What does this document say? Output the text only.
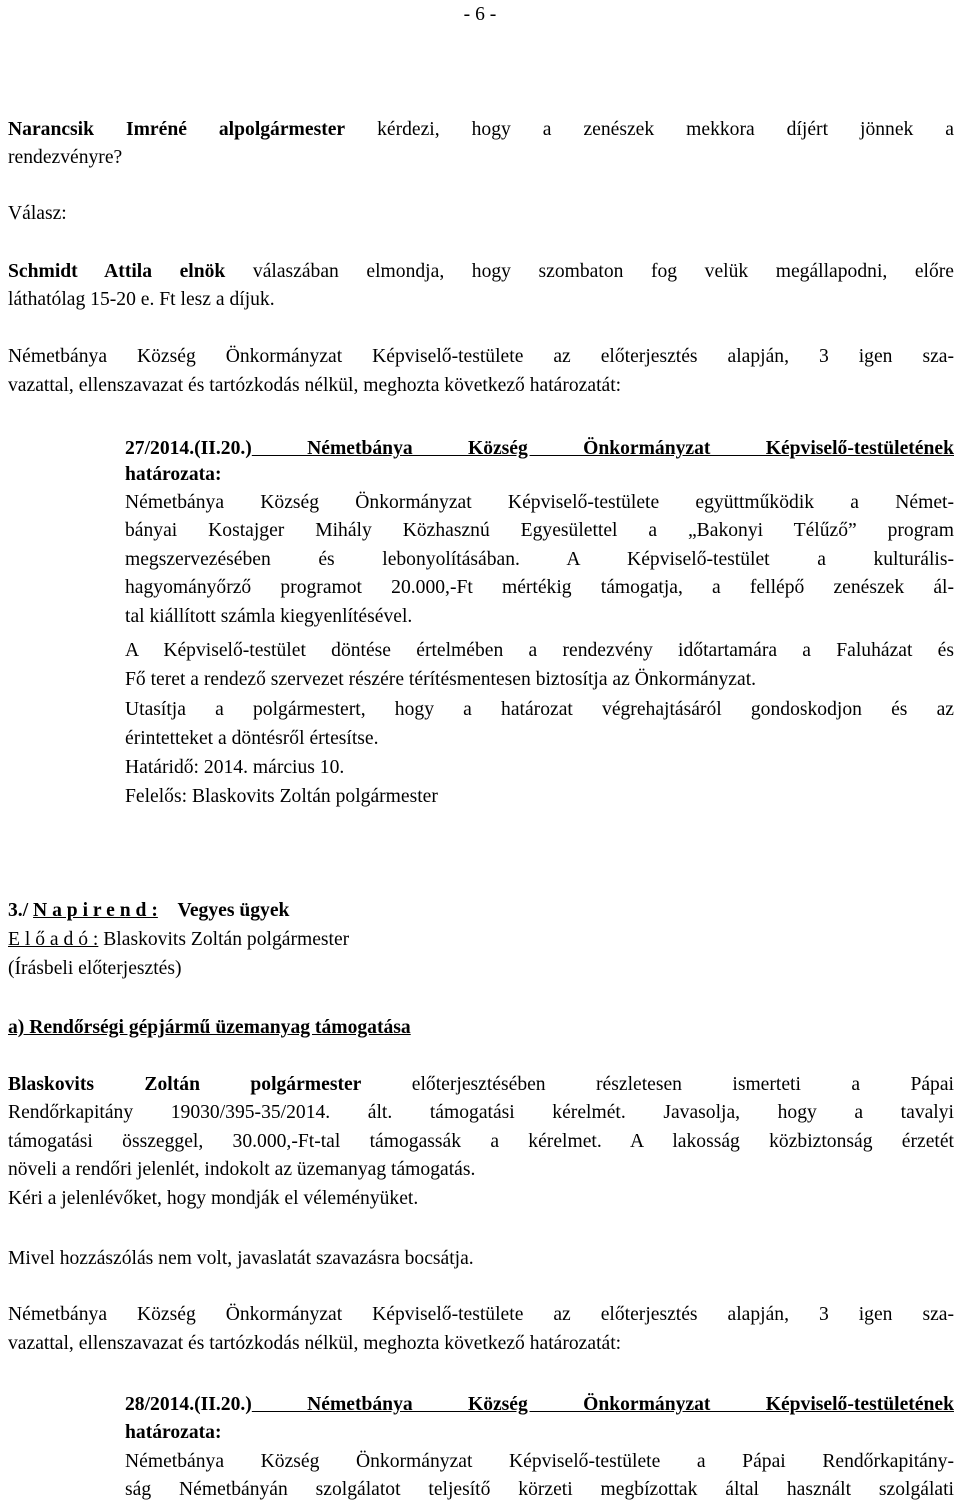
- 6 -
Narancsik Imréné alpolgármester kérdezi, hogy a zenészek mekkora díjért jönnek a
rendezvényre?
Válasz:
Schmidt Attila elnök válaszában elmondja, hogy szombaton fog velük megállapodni, előre
láthatólag 15-20 e. Ft lesz a díjuk.
Németbánya Község Önkormányzat Képviselő-testülete az előterjesztés alapján, 3 igen sza-
vazattal, ellenszavazat és tartózkodás nélkül, meghozta következő határozatát:
27/2014.(II.20.) Németbánya Község Önkormányzat Képviselő-testületének
határozata:
Németbánya Község Önkormányzat Képviselő-testülete együttműködik a Német-
bányai Kostajger Mihály Közhasznú Egyesülettel a „Bakonyi Télűző” program
megszervezésében és lebonyolításában. A Képviselő-testület a kulturális-
hagyományőrző programot 20.000,-Ft mértékig támogatja, a fellépő zenészek ál-
tal kiállított számla kiegyenlítésével.
A Képviselő-testület döntése értelmében a rendezvény időtartamára a Faluházat és
Fő teret a rendező szervezet részére térítésmentesen biztosítja az Önkormányzat.
Utasítja a polgármestert, hogy a határozat végrehajtásáról gondoskodjon és az
érintetteket a döntésről értesítse.
Határidő: 2014. március 10.
Felelős: Blaskovits Zoltán polgármester
3./ N a p i r e n d : Vegyes ügyek
E l ő a d ó : Blaskovits Zoltán polgármester
(Írásbeli előterjesztés)
a) Rendőrségi gépjármű üzemanyag támogatása
Blaskovits Zoltán polgármester előterjesztésében részletesen ismerteti a Pápai
Rendőrkapitány 19030/395-35/2014. ált. támogatási kérelmét. Javasolja, hogy a tavalyi
támogatási összeggel, 30.000,-Ft-tal támogassák a kérelmet. A lakosság közbiztonság érzetét
növeli a rendőri jelenlét, indokolt az üzemanyag támogatás.
Kéri a jelenlévőket, hogy mondják el véleményüket.
Mivel hozzászólás nem volt, javaslatát szavazásra bocsátja.
Németbánya Község Önkormányzat Képviselő-testülete az előterjesztés alapján, 3 igen sza-
vazattal, ellenszavazat és tartózkodás nélkül, meghozta következő határozatát:
28/2014.(II.20.) Németbánya Község Önkormányzat Képviselő-testületének
határozata:
Németbánya Község Önkormányzat Képviselő-testülete a Pápai Rendőrkapitány-
ság Németbányán szolgálatot teljesítő körzeti megbízottak által használt szolgálati
